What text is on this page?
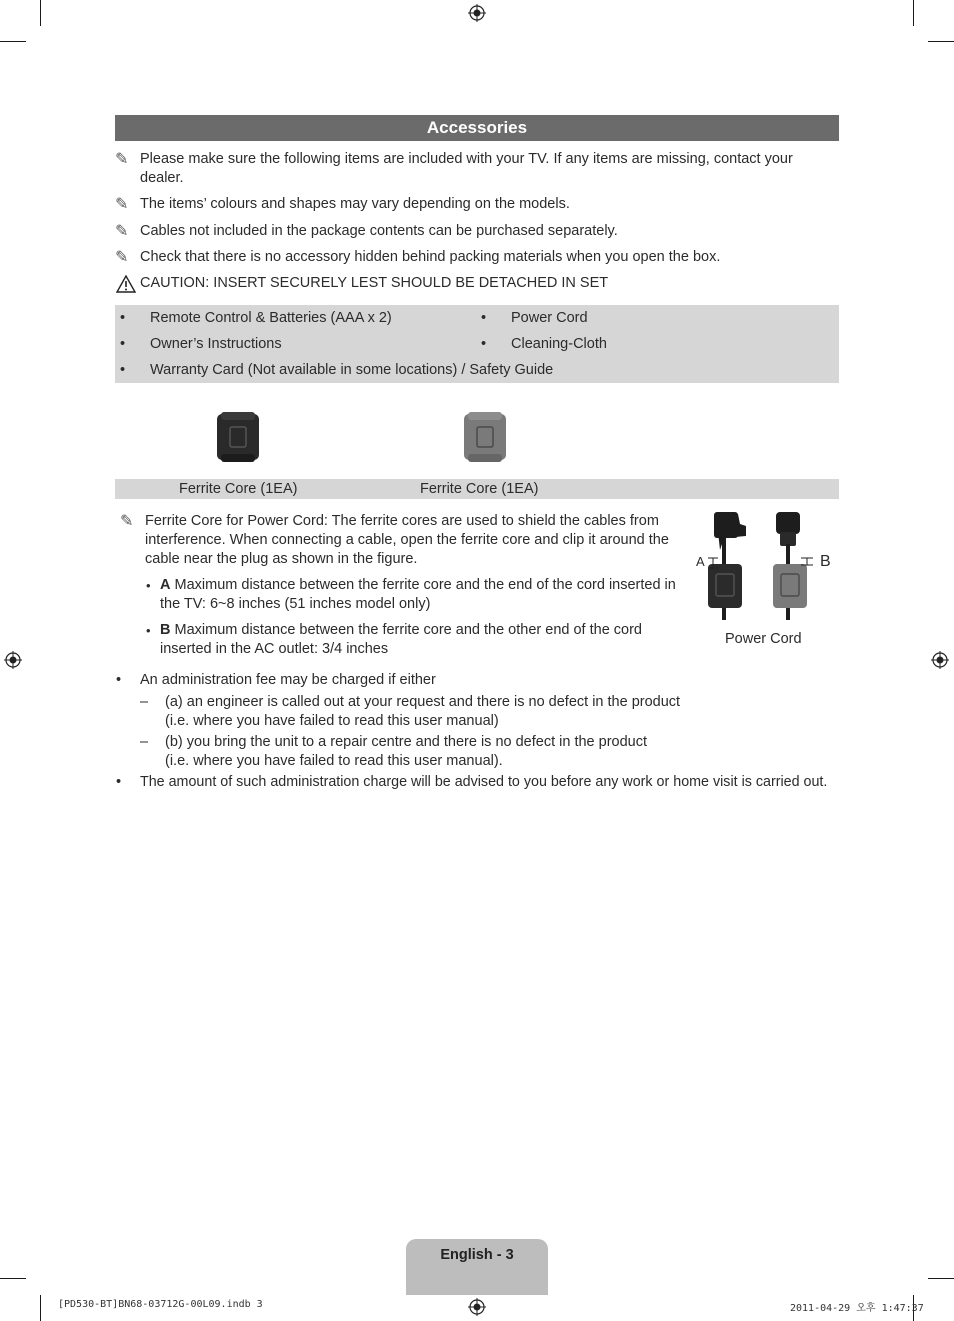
Accessories
✎ Please make sure the following items are included with your TV. If any items are missing, contact your dealer.
✎ The items’ colours and shapes may vary depending on the models.
✎ Cables not included in the package contents can be purchased separately.
✎ Check that there is no accessory hidden behind packing materials when you open the box.
CAUTION: INSERT SECURELY LEST SHOULD BE DETACHED IN SET
• Remote Control & Batteries (AAA x 2)	• Power Cord
• Owner’s Instructions	• Cleaning-Cloth
• Warranty Card (Not available in some locations) / Safety Guide
Ferrite Core (1EA)	Ferrite Core (1EA)
✎ Ferrite Core for Power Cord: The ferrite cores are used to shield the cables from interference. When connecting a cable, open the ferrite core and clip it around the cable near the plug as shown in the figure.
• A Maximum distance between the ferrite core and the end of the cord inserted in the TV: 6~8 inches (51 inches model only)
• B Maximum distance between the ferrite core and the other end of the cord inserted in the AC outlet: 3/4 inches
A	B
Power Cord
• An administration fee may be charged if either
– (a) an engineer is called out at your request and there is no defect in the product
(i.e. where you have failed to read this user manual)
– (b) you bring the unit to a repair centre and there is no defect in the product
(i.e. where you have failed to read this user manual).
• The amount of such administration charge will be advised to you before any work or home visit is carried out.
English - 3
[PD530-BT]BN68-03712G-00L09.indb 3	2011-04-29 오후 1:47:37
